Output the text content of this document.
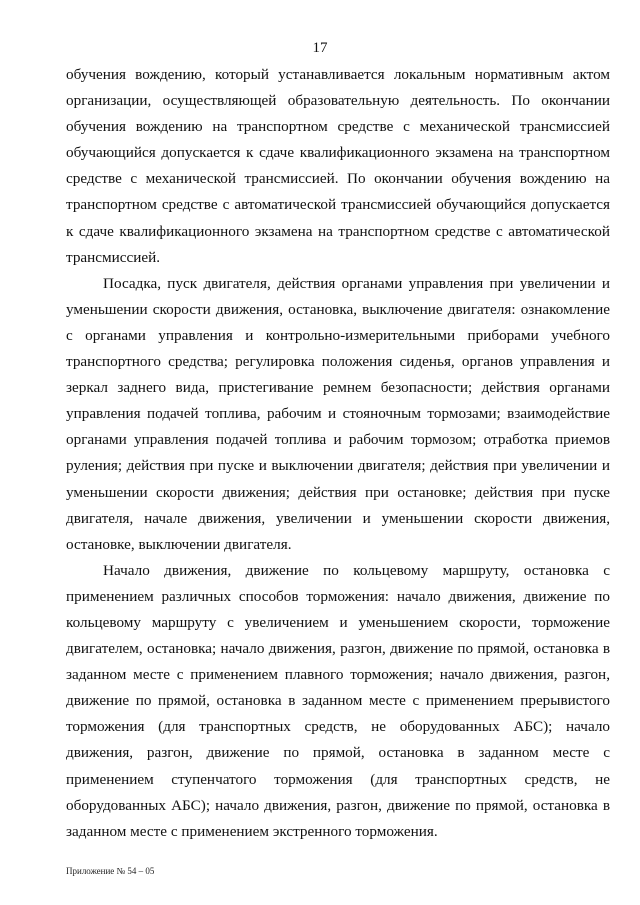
17

обучения вождению, который устанавливается локальным нормативным актом организации, осуществляющей образовательную деятельность. По окончании обучения вождению на транспортном средстве с механической трансмиссией обучающийся допускается к сдаче квалификационного экзамена на транспортном средстве с механической трансмиссией. По окончании обучения вождению на транспортном средстве с автоматической трансмиссией обучающийся допускается к сдаче квалификационного экзамена на транспортном средстве с автоматической трансмиссией.

Посадка, пуск двигателя, действия органами управления при увеличении и уменьшении скорости движения, остановка, выключение двигателя: ознакомление с органами управления и контрольно-измерительными приборами учебного транспортного средства; регулировка положения сиденья, органов управления и зеркал заднего вида, пристегивание ремнем безопасности; действия органами управления подачей топлива, рабочим и стояночным тормозами; взаимодействие органами управления подачей топлива и рабочим тормозом; отработка приемов руления; действия при пуске и выключении двигателя; действия при увеличении и уменьшении скорости движения; действия при остановке; действия при пуске двигателя, начале движения, увеличении и уменьшении скорости движения, остановке, выключении двигателя.

Начало движения, движение по кольцевому маршруту, остановка с применением различных способов торможения: начало движения, движение по кольцевому маршруту с увеличением и уменьшением скорости, торможение двигателем, остановка; начало движения, разгон, движение по прямой, остановка в заданном месте с применением плавного торможения; начало движения, разгон, движение по прямой, остановка в заданном месте с применением прерывистого торможения (для транспортных средств, не оборудованных АБС); начало движения, разгон, движение по прямой, остановка в заданном месте с применением ступенчатого торможения (для транспортных средств, не оборудованных АБС); начало движения, разгон, движение по прямой, остановка в заданном месте с применением экстренного торможения.

Приложение № 54 – 05
